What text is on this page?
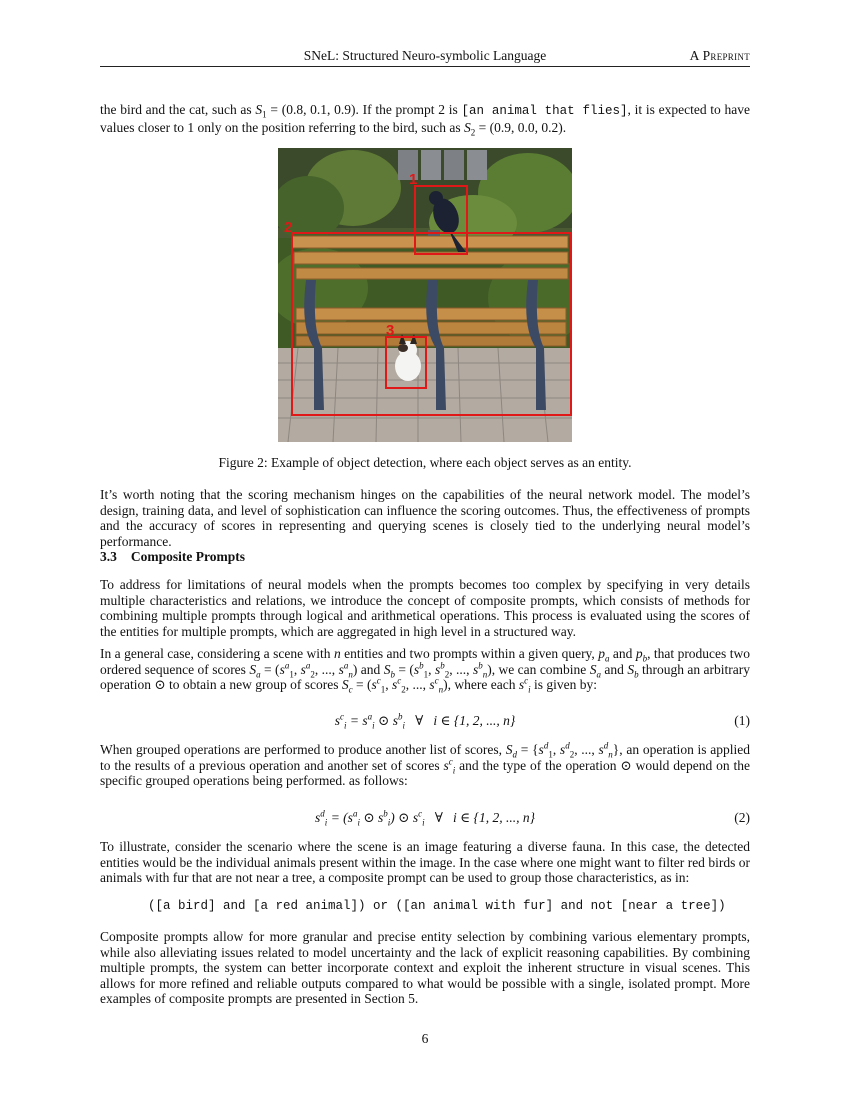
SNeL: Structured Neuro-symbolic Language	A Preprint

the bird and the cat, such as $S_1 = (0.8$, 0.1, 0.9). If the prompt 2 is [an animal that flies], it is expected to have values closer to 1 only on the position referring to the bird, such as $S_2 = (0.9$, 0.0, 0.2).

1
2
3
Figure 2: Example of object detection, where each object serves as an entity.

It’s worth noting that the scoring mechanism hinges on the capabilities of the neural network model. The model’s design, training data, and level of sophistication can influence the scoring outcomes. Thus, the effectiveness of prompts and the accuracy of scores in representing and querying scenes is closely tied to the underlying neural model’s performance.

3.3 Composite Prompts

To address for limitations of neural models when the prompts becomes too complex by specifying in very details multiple characteristics and relations, we introduce the concept of composite prompts, which consists of methods for combining multiple prompts through logical and arithmetical operations. This process is evaluated using the scores of the entities for multiple prompts, which are aggregated in high level in a structured way.

In a general case, considering a scene with n entities and two prompts within a given query, $p_a$ and $p_b$, that produces two ordered sequence of scores $S_a = (s^a_1$, $s^a_2$, ..., $s^a_n$) and $S_b = (s^b_1$, $s^b_2$, ..., $s^b_n$), we can combine $S_a$ and $S_b$ through an arbitrary operation ⊙ to obtain a new group of scores $S_c = (s^c_1$, $s^c_2$, ..., $s^c_n$), where each $s^c_i$ is given by:

$s^c_i = s^a_i$ ⊙ $s^b_i$ ∀ i ∈ {1, 2, ..., n}	(1)

When grouped operations are performed to produce another list of scores, $S_d = \{s^d_1$, $s^d_2$, ..., $s^d_n$}, an operation is applied to the results of a previous operation and another set of scores $s^c_i$ and the type of the operation ⊙ would depend on the specific grouped operations being performed. as follows:

$s^d_i = (s^a_i$ ⊙ $s^b_i$) ⊙ $s^c_i$ ∀ i ∈ {1, 2, ..., n}	(2)

To illustrate, consider the scenario where the scene is an image featuring a diverse fauna. In this case, the detected entities would be the individual animals present within the image. In the case where one might want to filter red birds or animals with fur that are not near a tree, a composite prompt can be used to group those characteristics, as in:

([a bird] and [a red animal]) or ([an animal with fur] and not [near a tree])

Composite prompts allow for more granular and precise entity selection by combining various elementary prompts, while also alleviating issues related to model uncertainty and the lack of explicit reasoning capabilities. By combining multiple prompts, the system can better incorporate context and exploit the inherent structure in visual scenes. This allows for more refined and reliable outputs compared to what would be possible with a single, isolated prompt. More examples of composite prompts are presented in Section 5.

6
